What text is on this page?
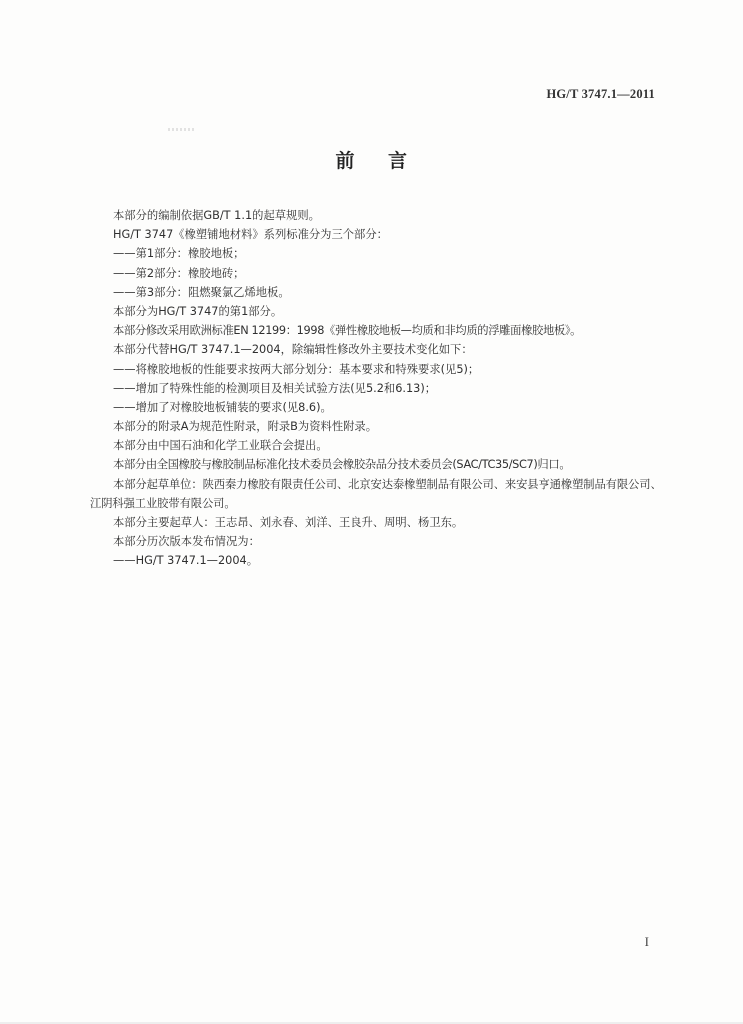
HG/T 3747.1—2011
前 言
本部分的编制依据GB/T 1.1的起草规则。
HG/T 3747《橡塑铺地材料》系列标准分为三个部分：
——第1部分：橡胶地板；
——第2部分：橡胶地砖；
——第3部分：阻燃聚氯乙烯地板。
本部分为HG/T 3747的第1部分。
本部分修改采用欧洲标准EN 12199：1998《弹性橡胶地板—均质和非均质的浮雕面橡胶地板》。
本部分代替HG/T 3747.1—2004，除编辑性修改外主要技术变化如下：
——将橡胶地板的性能要求按两大部分划分：基本要求和特殊要求(见5)；
——增加了特殊性能的检测项目及相关试验方法(见5.2和6.13)；
——增加了对橡胶地板铺装的要求(见8.6)。
本部分的附录A为规范性附录，附录B为资料性附录。
本部分由中国石油和化学工业联合会提出。
本部分由全国橡胶与橡胶制品标准化技术委员会橡胶杂品分技术委员会(SAC/TC35/SC7)归口。
本部分起草单位：陕西秦力橡胶有限责任公司、北京安达泰橡塑制品有限公司、来安县亨通橡塑制品有限公司、江阴科强工业胶带有限公司。
本部分主要起草人：王志昂、刘永春、刘洋、王良升、周明、杨卫东。
本部分历次版本发布情况为：
——HG/T 3747.1—2004。
I
